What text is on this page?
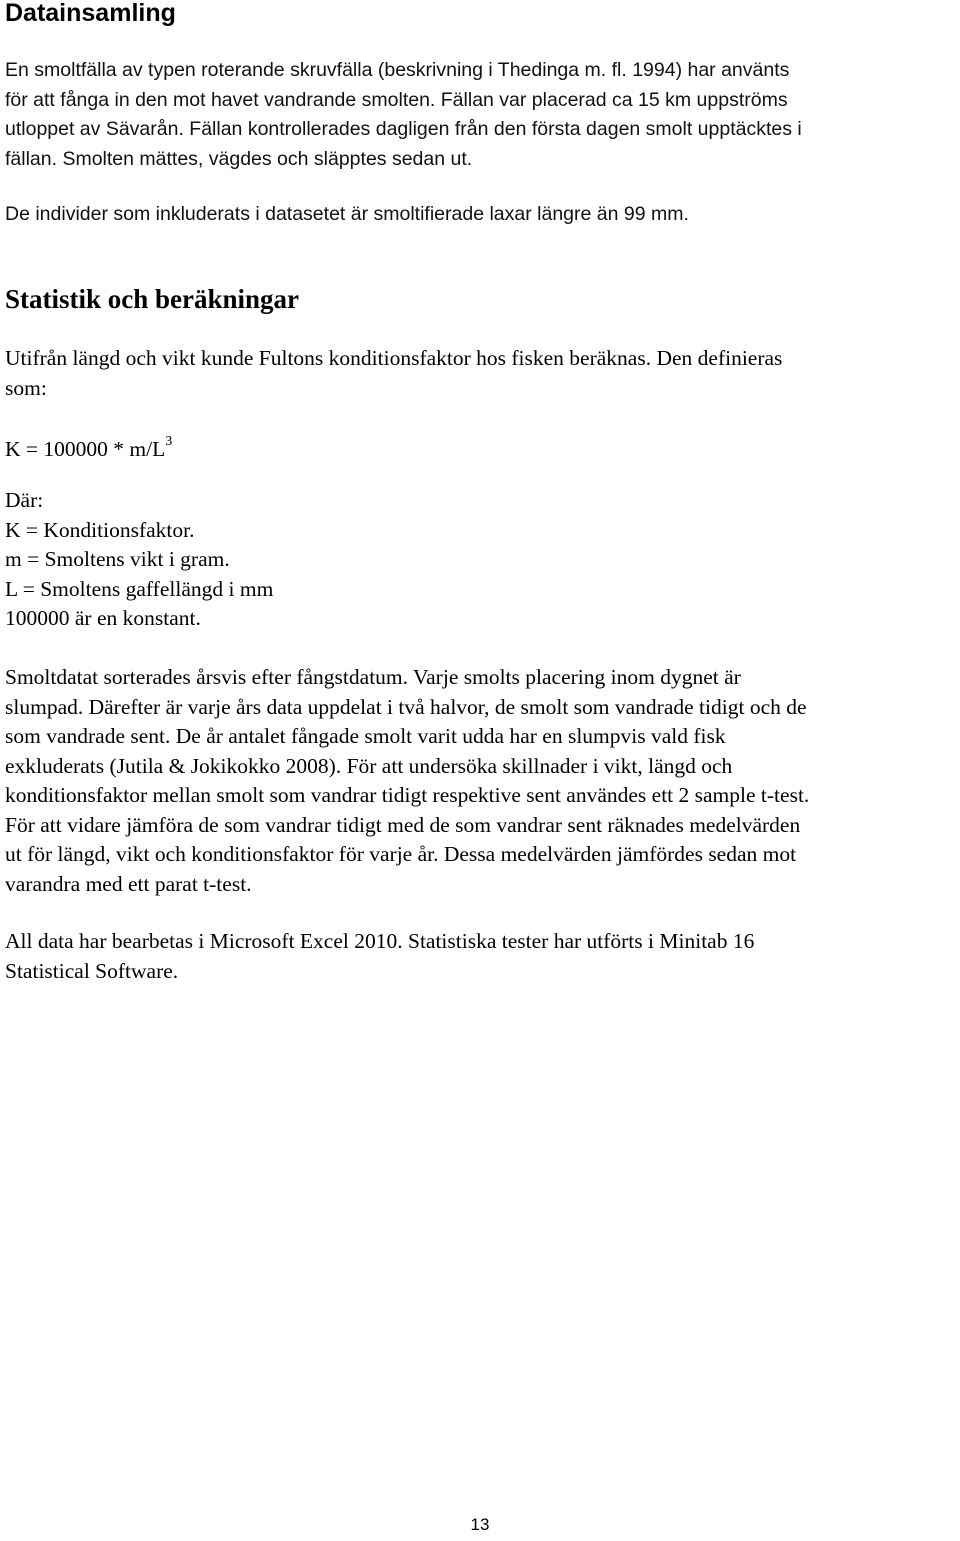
Datainsamling

En smoltfälla av typen roterande skruvfälla (beskrivning i Thedinga m. fl. 1994) har använts
för att fånga in den mot havet vandrande smolten. Fällan var placerad ca 15 km uppströms
utloppet av Sävarån. Fällan kontrollerades dagligen från den första dagen smolt upptäcktes i
fällan. Smolten mättes, vägdes och släpptes sedan ut.

De individer som inkluderats i datasetet är smoltifierade laxar längre än 99 mm.

Statistik och beräkningar

Utifrån längd och vikt kunde Fultons konditionsfaktor hos fisken beräknas. Den definieras
som:

$K = 100000 * m/L^3$

Där:
K = Konditionsfaktor.
m = Smoltens vikt i gram.
L = Smoltens gaffellängd i mm
100000 är en konstant.

Smoltdatat sorterades årsvis efter fångstdatum. Varje smolts placering inom dygnet är
slumpad. Därefter är varje års data uppdelat i två halvor, de smolt som vandrade tidigt och de
som vandrade sent. De år antalet fångade smolt varit udda har en slumpvis vald fisk
exkluderats (Jutila & Jokikokko 2008). För att undersöka skillnader i vikt, längd och
konditionsfaktor mellan smolt som vandrar tidigt respektive sent användes ett 2 sample t-test.
För att vidare jämföra de som vandrar tidigt med de som vandrar sent räknades medelvärden
ut för längd, vikt och konditionsfaktor för varje år. Dessa medelvärden jämfördes sedan mot
varandra med ett parat t-test.

All data har bearbetas i Microsoft Excel 2010. Statistiska tester har utförts i Minitab 16
Statistical Software.

13
